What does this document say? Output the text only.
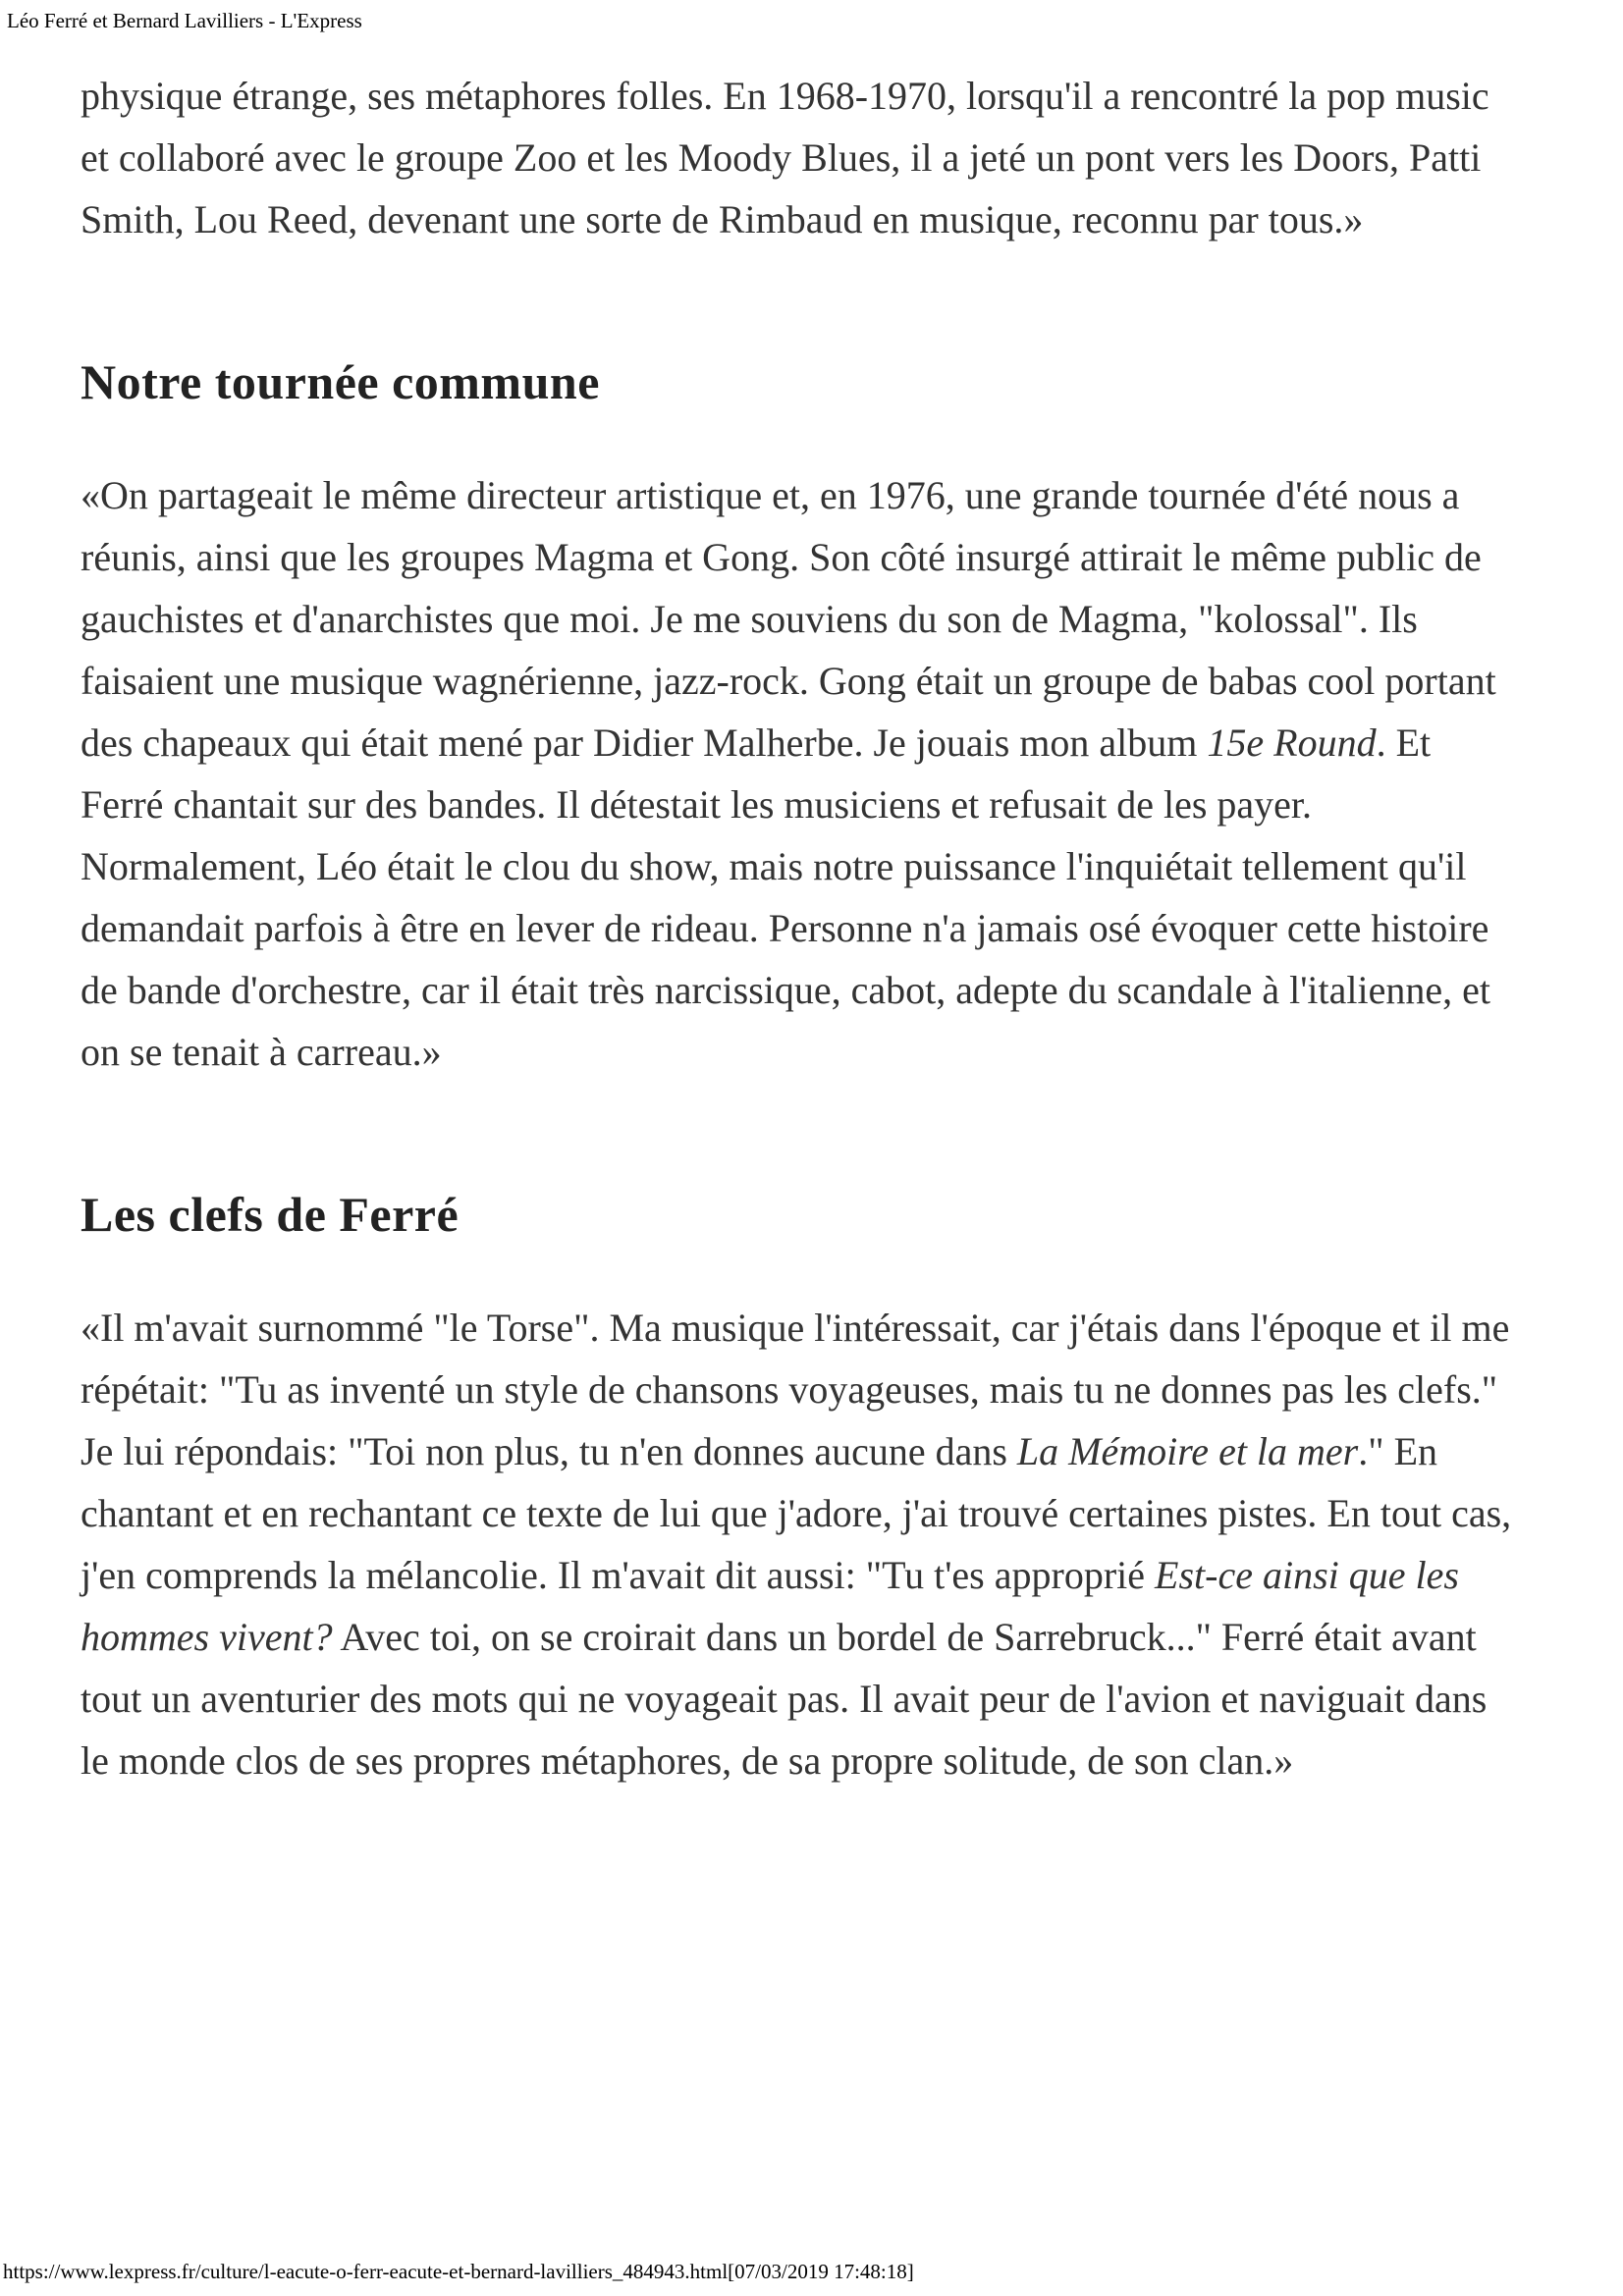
Léo Ferré et Bernard Lavilliers - L'Express

physique étrange, ses métaphores folles. En 1968-1970, lorsqu'il a rencontré la pop music et collaboré avec le groupe Zoo et les Moody Blues, il a jeté un pont vers les Doors, Patti Smith, Lou Reed, devenant une sorte de Rimbaud en musique, reconnu par tous.»

Notre tournée commune

«On partageait le même directeur artistique et, en 1976, une grande tournée d'été nous a réunis, ainsi que les groupes Magma et Gong. Son côté insurgé attirait le même public de gauchistes et d'anarchistes que moi. Je me souviens du son de Magma, "kolossal". Ils faisaient une musique wagnérienne, jazz-rock. Gong était un groupe de babas cool portant des chapeaux qui était mené par Didier Malherbe. Je jouais mon album 15e Round. Et Ferré chantait sur des bandes. Il détestait les musiciens et refusait de les payer. Normalement, Léo était le clou du show, mais notre puissance l'inquiétait tellement qu'il demandait parfois à être en lever de rideau. Personne n'a jamais osé évoquer cette histoire de bande d'orchestre, car il était très narcissique, cabot, adepte du scandale à l'italienne, et on se tenait à carreau.»

Les clefs de Ferré

«Il m'avait surnommé "le Torse". Ma musique l'intéressait, car j'étais dans l'époque et il me répétait: "Tu as inventé un style de chansons voyageuses, mais tu ne donnes pas les clefs." Je lui répondais: "Toi non plus, tu n'en donnes aucune dans La Mémoire et la mer." En chantant et en rechantant ce texte de lui que j'adore, j'ai trouvé certaines pistes. En tout cas, j'en comprends la mélancolie. Il m'avait dit aussi: "Tu t'es approprié Est-ce ainsi que les hommes vivent? Avec toi, on se croirait dans un bordel de Sarrebruck..." Ferré était avant tout un aventurier des mots qui ne voyageait pas. Il avait peur de l'avion et naviguait dans le monde clos de ses propres métaphores, de sa propre solitude, de son clan.»

https://www.lexpress.fr/culture/l-eacute-o-ferr-eacute-et-bernard-lavilliers_484943.html[07/03/2019 17:48:18]
